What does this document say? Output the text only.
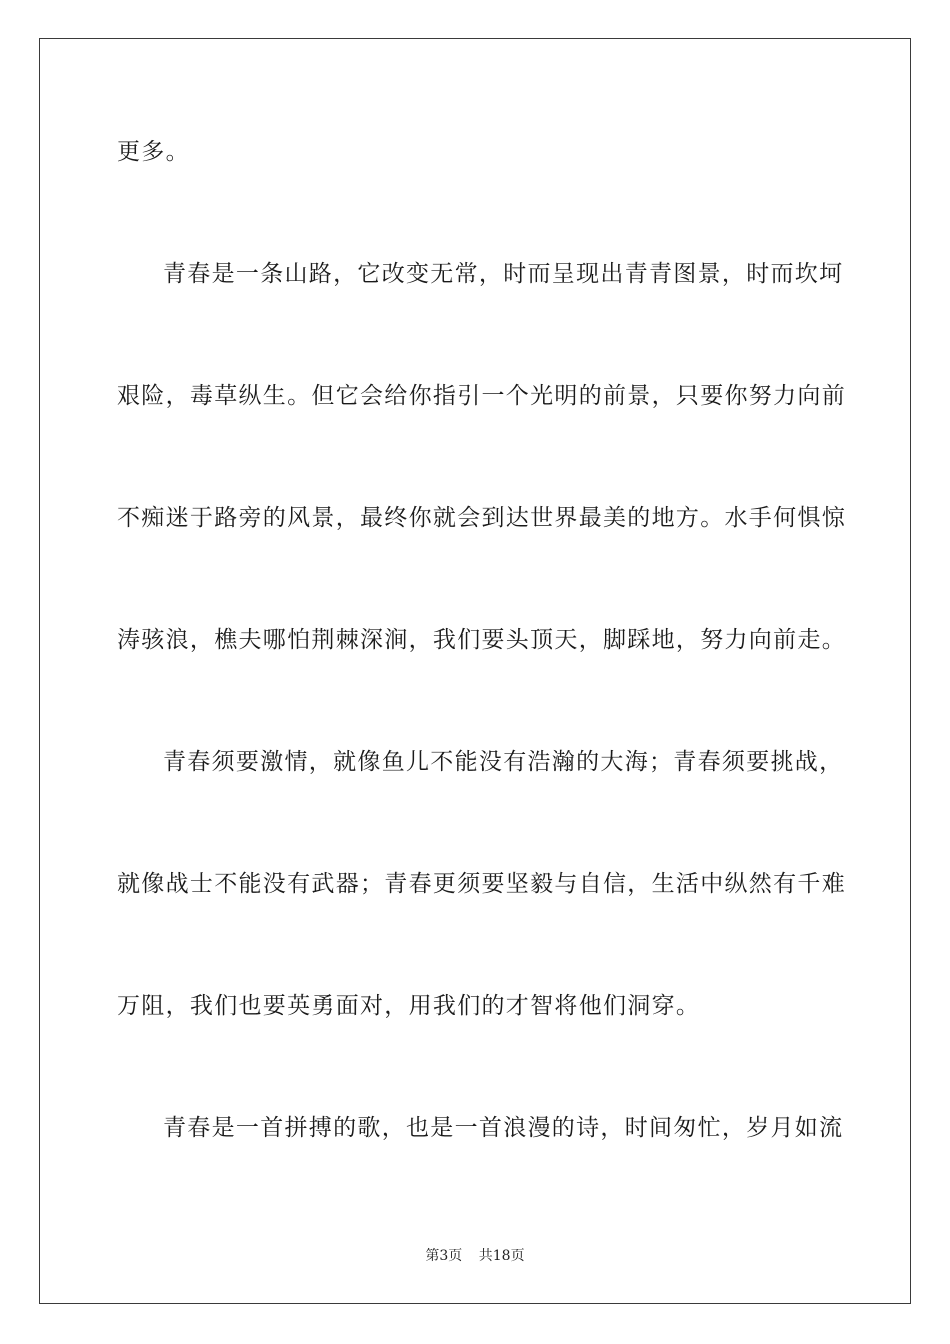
更多。
青春是一条山路，它改变无常，时而呈现出青青图景，时而坎坷
艰险，毒草纵生。但它会给你指引一个光明的前景，只要你努力向前
不痴迷于路旁的风景，最终你就会到达世界最美的地方。水手何惧惊
涛骇浪，樵夫哪怕荆棘深涧，我们要头顶天，脚踩地，努力向前走。
青春须要激情，就像鱼儿不能没有浩瀚的大海；青春须要挑战，
就像战士不能没有武器；青春更须要坚毅与自信，生活中纵然有千难
万阻，我们也要英勇面对，用我们的才智将他们洞穿。
青春是一首拼搏的歌，也是一首浪漫的诗，时间匆忙，岁月如流
第3页 共18页
